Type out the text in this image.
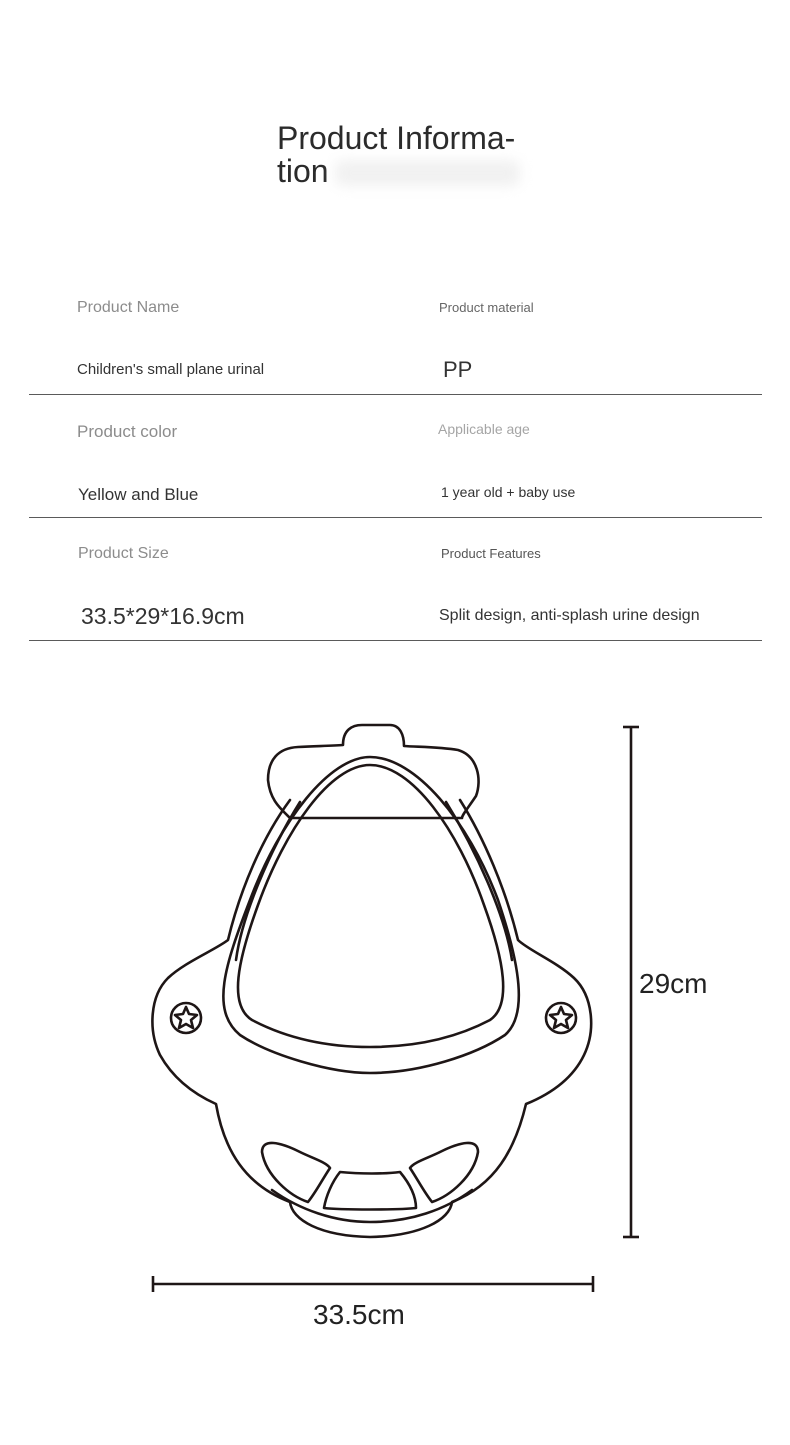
Product Informa- tion
Product Name	Product material
Children's small plane urinal	PP
Product color	Applicable age
Yellow and Blue	1 year old + baby use
Product Size	Product Features
33.5*29*16.9cm	Split design, anti-splash urine design
29cm
33.5cm
